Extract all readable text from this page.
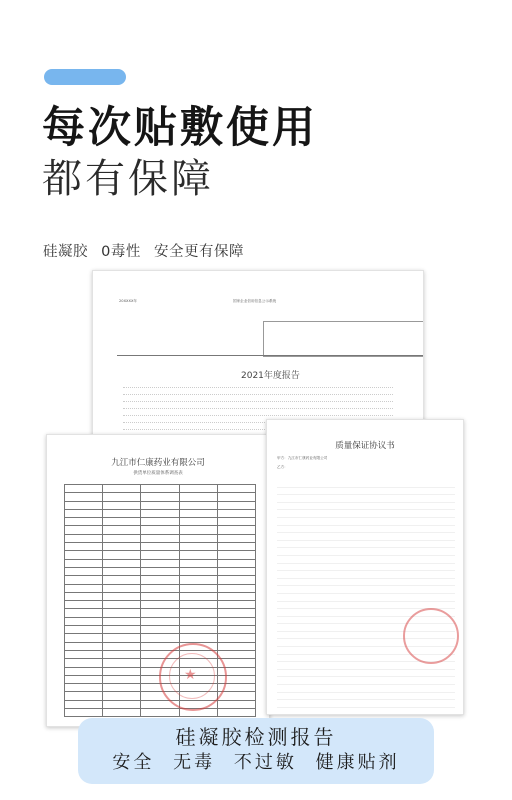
每次贴敷使用
都有保障
硅凝胶 0毒性 安全更有保障
20XXXX年	国家企业信用信息公示系统
2021年度报告
九江市仁康药业有限公司
供货单位质量体系调查表

★
质量保证协议书
甲方：九江市仁康药业有限公司
乙方：
硅凝胶检测报告
安全 无毒 不过敏 健康贴剂
